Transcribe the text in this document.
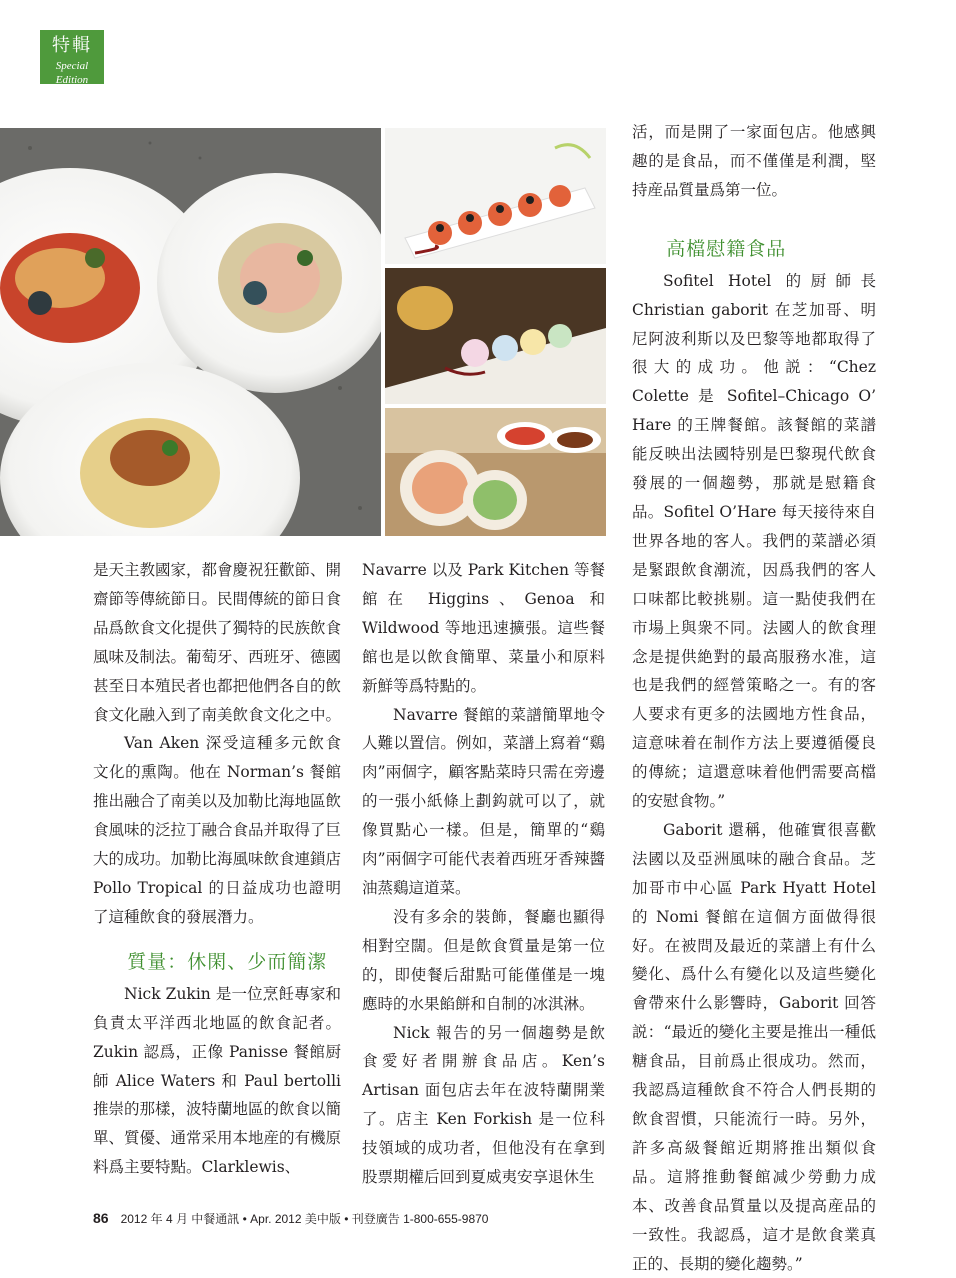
特輯
Special Edition

是天主教國家，都會慶祝狂歡節、開齋節等傳統節日。民間傳統的節日食品爲飲食文化提供了獨特的民族飲食風味及制法。葡萄牙、西班牙、德國甚至日本殖民者也都把他們各自的飲食文化融入到了南美飲食文化之中。

Van Aken 深受這種多元飲食文化的熏陶。他在 Norman’s 餐館推出融合了南美以及加勒比海地區飲食風味的泛拉丁融合食品并取得了巨大的成功。加勒比海風味飲食連鎖店 Pollo Tropical 的日益成功也證明了這種飲食的發展潛力。

質量：休閑、少而簡潔

Nick Zukin 是一位烹飪專家和負責太平洋西北地區的飲食記者。Zukin 認爲，正像 Panisse 餐館厨師 Alice Waters 和 Paul bertolli 推崇的那樣，波特蘭地區的飲食以簡單、質優、通常采用本地産的有機原料爲主要特點。Clarklewis、

Navarre 以及 Park Kitchen 等餐館在 Higgins、Genoa 和 Wildwood 等地迅速擴張。這些餐館也是以飲食簡單、菜量小和原料新鮮等爲特點的。

Navarre 餐館的菜譜簡單地令人難以置信。例如，菜譜上寫着“鷄肉”兩個字，顧客點菜時只需在旁邊的一張小紙條上劃鈎就可以了，就像買點心一樣。但是，簡單的“鷄肉”兩個字可能代表着西班牙香辣醬油蒸鷄這道菜。

没有多余的裝飾，餐廳也顯得相對空闊。但是飲食質量是第一位的，即使餐后甜點可能僅僅是一塊應時的水果餡餅和自制的冰淇淋。

Nick 報告的另一個趨勢是飲食愛好者開辦食品店。Ken’s Artisan 面包店去年在波特蘭開業了。店主 Ken Forkish 是一位科技領域的成功者，但他没有在拿到股票期權后回到夏威夷安享退休生

活，而是開了一家面包店。他感興趣的是食品，而不僅僅是利潤，堅持産品質量爲第一位。

高檔慰籍食品

Sofitel Hotel 的厨師長 Christian gaborit 在芝加哥、明尼阿波利斯以及巴黎等地都取得了很大的成功。他説：“Chez Colette 是 Sofitel–Chicago O’ Hare 的王牌餐館。該餐館的菜譜能反映出法國特别是巴黎現代飲食發展的一個趨勢，那就是慰籍食品。Sofitel O’Hare 每天接待來自世界各地的客人。我們的菜譜必須是緊跟飲食潮流，因爲我們的客人口味都比較挑剔。這一點使我們在市場上與衆不同。法國人的飲食理念是提供絶對的最高服務水准，這也是我們的經營策略之一。有的客人要求有更多的法國地方性食品，這意味着在制作方法上要遵循優良的傳統；這還意味着他們需要高檔的安慰食物。”

Gaborit 還稱，他確實很喜歡法國以及亞洲風味的融合食品。芝加哥市中心區 Park Hyatt Hotel 的 Nomi 餐館在這個方面做得很好。在被問及最近的菜譜上有什么變化、爲什么有變化以及這些變化會帶來什么影響時，Gaborit 回答説：“最近的變化主要是推出一種低糖食品，目前爲止很成功。然而，我認爲這種飲食不符合人們長期的飲食習慣，只能流行一時。另外，許多高級餐館近期將推出類似食品。這將推動餐館减少勞動力成本、改善食品質量以及提高産品的一致性。我認爲，這才是飲食業真正的、長期的變化趨勢。”

86 2012 年 4 月 中餐通訊 • Apr. 2012 美中版 • 刊登廣告 1-800-655-9870
